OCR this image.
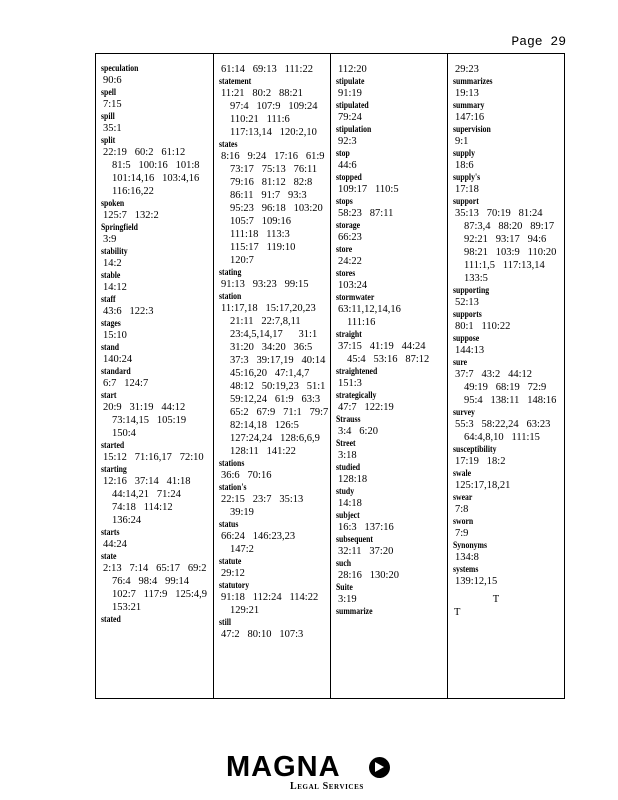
Page 29
speculation
90:6
spell
7:15
spill
35:1
split
22:19   60:2   61:12
81:5   100:16   101:8
101:14,16   103:4,16
116:16,22
spoken
125:7   132:2
Springfield
3:9
stability
14:2
stable
14:12
staff
43:6   122:3
stages
15:10
stand
140:24
standard
6:7   124:7
start
20:9   31:19   44:12
73:14,15   105:19
150:4
started
15:12   71:16,17   72:10
starting
12:16   37:14   41:18
44:14,21   71:24
74:18   114:12
136:24
starts
44:24
state
2:13   7:14   65:17   69:2
76:4   98:4   99:14
102:7   117:9   125:4,9
153:21
stated
61:14   69:13   111:22
statement
11:21   80:2   88:21
97:4   107:9   109:24
110:21   111:6
117:13,14   120:2,10
states
8:16   9:24   17:16   61:9
73:17   75:13   76:11
79:16   81:12   82:8
86:11   91:7   93:3
95:23   96:18   103:20
105:7   109:16
111:18   113:3
115:17   119:10
120:7
stating
91:13   93:23   99:15
station
11:17,18   15:17,20,23
21:11   22:7,8,11
23:4,5,14,17      31:1
31:20   34:20   36:5
37:3   39:17,19   40:14
45:16,20   47:1,4,7
48:12   50:19,23   51:1
59:12,24   61:9   63:3
65:2   67:9   71:1   79:7
82:14,18   126:5
127:24,24   128:6,6,9
128:11   141:22
stations
36:6   70:16
station's
22:15   23:7   35:13
39:19
status
66:24   146:23,23
147:2
statute
29:12
statutory
91:18   112:24   114:22
129:21
still
47:2   80:10   107:3
112:20
stipulate
91:19
stipulated
79:24
stipulation
92:3
stop
44:6
stopped
109:17   110:5
stops
58:23   87:11
storage
66:23
store
24:22
stores
103:24
stormwater
63:11,12,14,16
111:16
straight
37:15   41:19   44:24
45:4   53:16   87:12
straightened
151:3
strategically
47:7   122:19
Strauss
3:4   6:20
Street
3:18
studied
128:18
study
14:18
subject
16:3   137:16
subsequent
32:11   37:20
such
28:16   130:20
Suite
3:19
summarize
29:23
summarizes
19:13
summary
147:16
supervision
9:1
supply
18:6
supply's
17:18
support
35:13   70:19   81:24
87:3,4   88:20   89:17
92:21   93:17   94:6
98:21   103:9   110:20
111:1,5   117:13,14
133:5
supporting
52:13
supports
80:1   110:22
suppose
144:13
sure
37:7   43:2   44:12
49:19   68:19   72:9
95:4   138:11   148:16
survey
55:3   58:22,24   63:23
64:4,8,10   111:15
susceptibility
17:19   18:2
swale
125:17,18,21
swear
7:8
sworn
7:9
Synonyms
134:8
systems
139:12,15
T
T
MAGNA
Legal Services
